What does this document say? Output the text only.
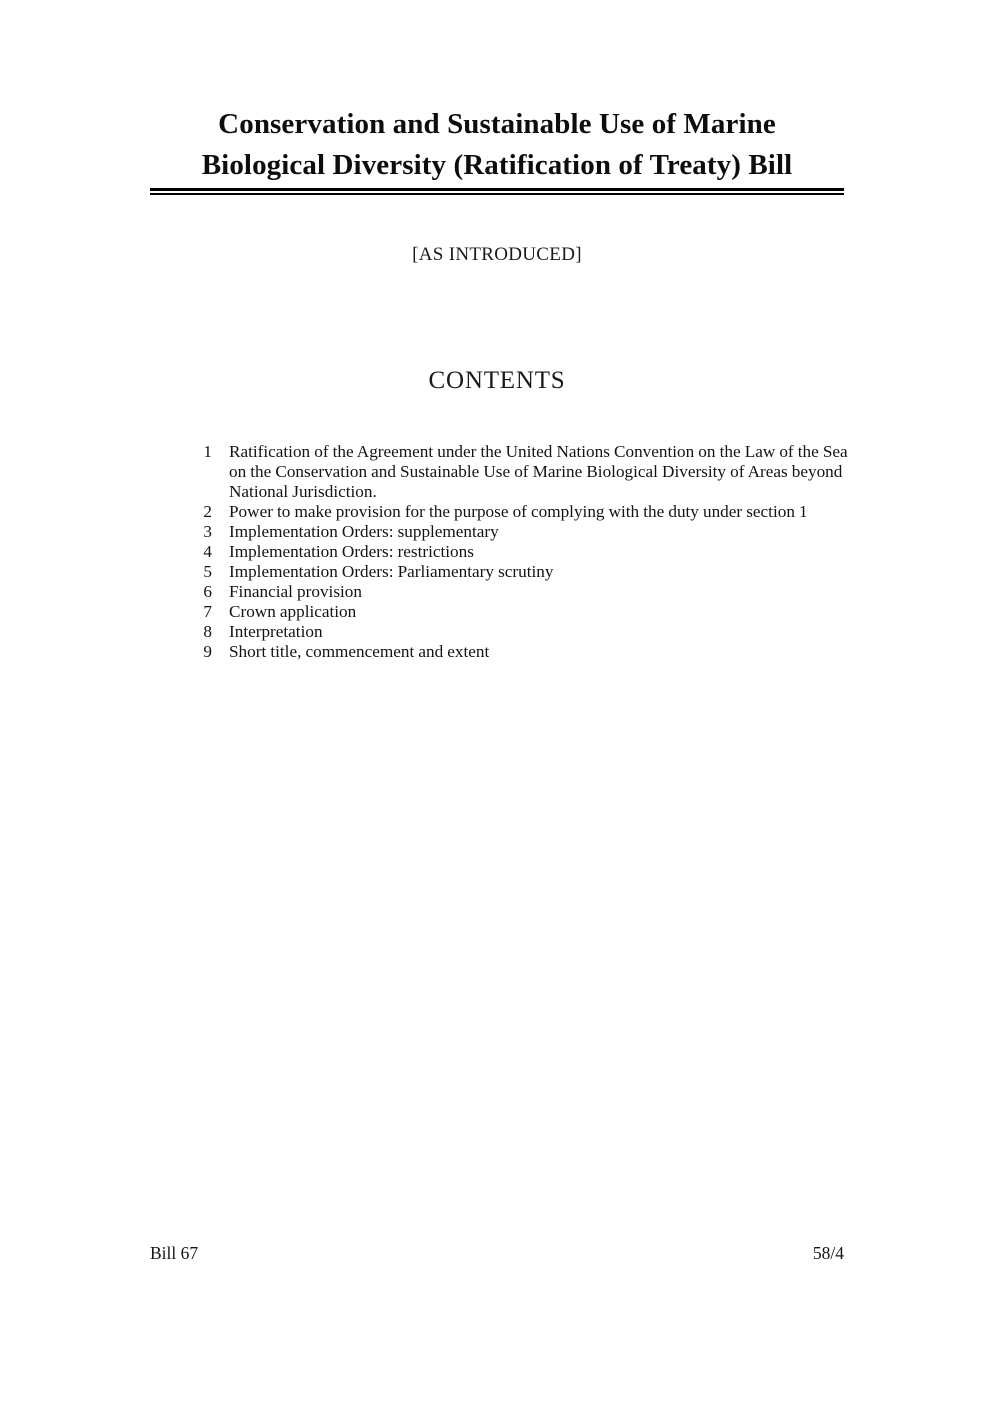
Conservation and Sustainable Use of Marine
Biological Diversity (Ratification of Treaty) Bill
[AS INTRODUCED]
CONTENTS
1 Ratification of the Agreement under the United Nations Convention on the Law of the Sea on the Conservation and Sustainable Use of Marine Biological Diversity of Areas beyond National Jurisdiction.
2 Power to make provision for the purpose of complying with the duty under section 1
3 Implementation Orders: supplementary
4 Implementation Orders: restrictions
5 Implementation Orders: Parliamentary scrutiny
6 Financial provision
7 Crown application
8 Interpretation
9 Short title, commencement and extent
Bill 67	58/4
